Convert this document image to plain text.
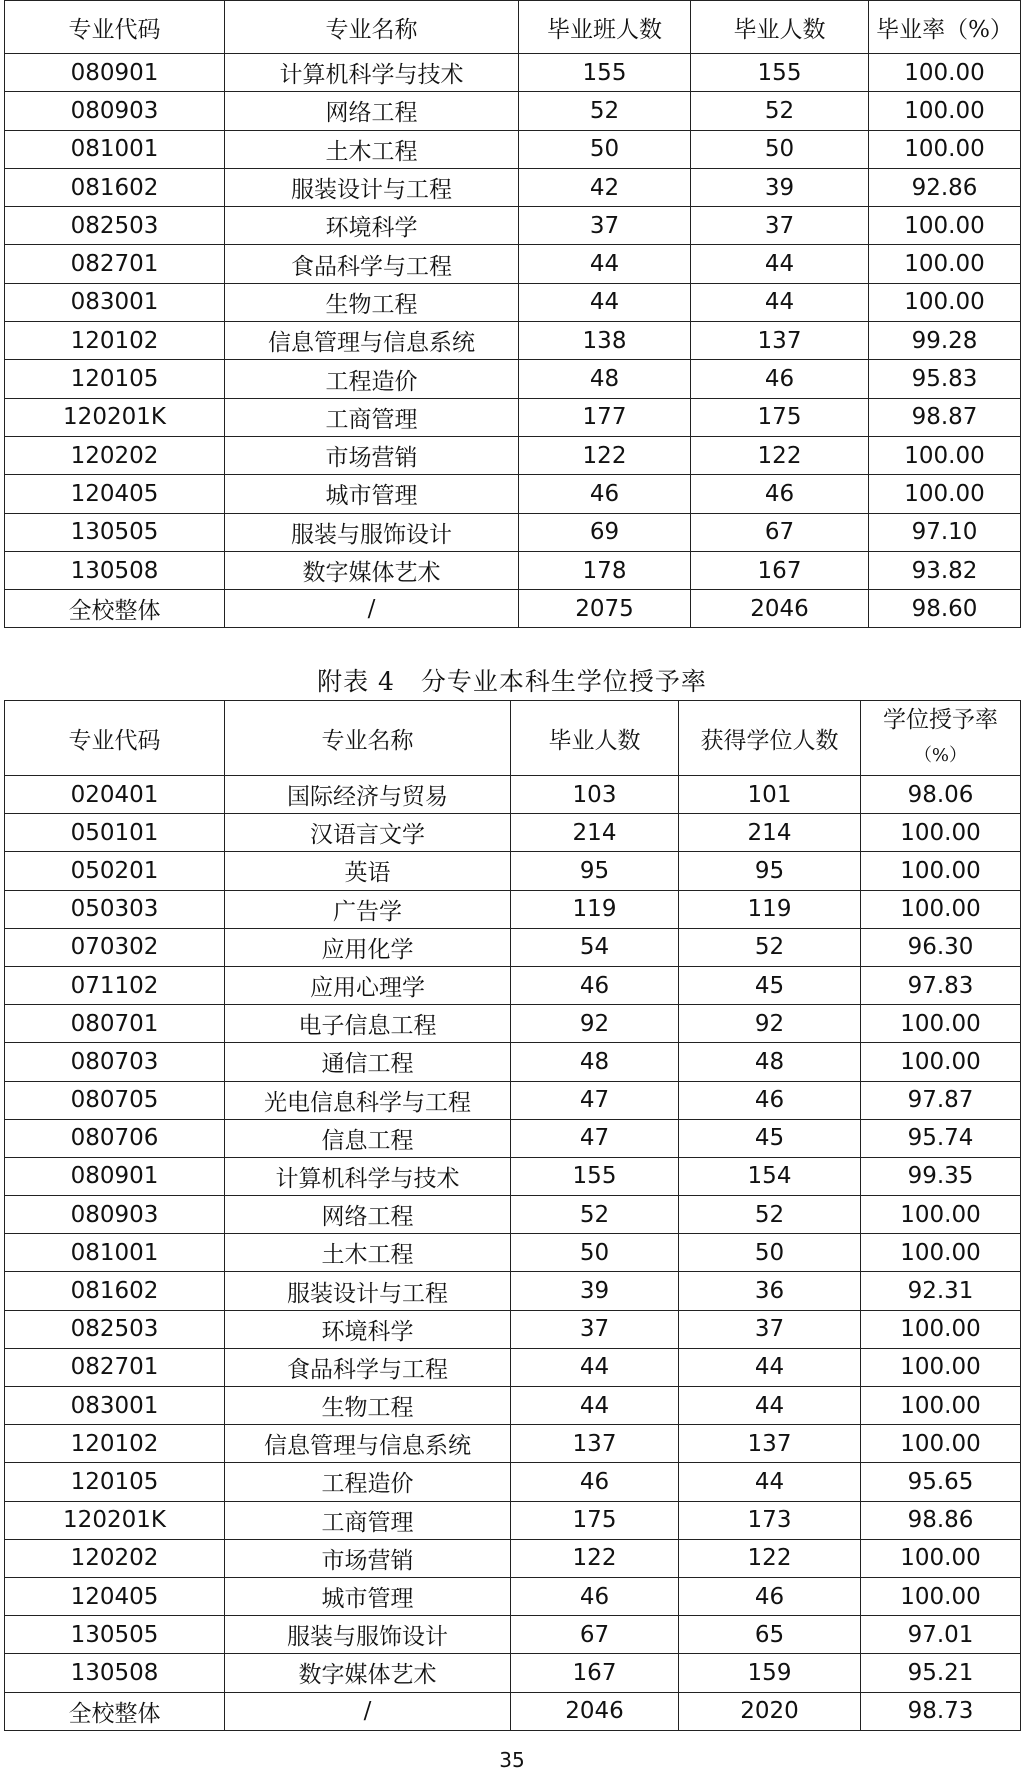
专业代码	专业名称	毕业班人数	毕业人数	毕业率（%）
080901	计算机科学与技术	155	155	100.00
080903	网络工程	52	52	100.00
081001	土木工程	50	50	100.00
081602	服装设计与工程	42	39	92.86
082503	环境科学	37	37	100.00
082701	食品科学与工程	44	44	100.00
083001	生物工程	44	44	100.00
120102	信息管理与信息系统	138	137	99.28
120105	工程造价	48	46	95.83
120201K	工商管理	177	175	98.87
120202	市场营销	122	122	100.00
120405	城市管理	46	46	100.00
130505	服装与服饰设计	69	67	97.10
130508	数字媒体艺术	178	167	93.82
全校整体	/	2075	2046	98.60
附表 4　分专业本科生学位授予率
专业代码	专业名称	毕业人数	获得学位人数	学位授予率
（%）

020401	国际经济与贸易	103	101	98.06
050101	汉语言文学	214	214	100.00
050201	英语	95	95	100.00
050303	广告学	119	119	100.00
070302	应用化学	54	52	96.30
071102	应用心理学	46	45	97.83
080701	电子信息工程	92	92	100.00
080703	通信工程	48	48	100.00
080705	光电信息科学与工程	47	46	97.87
080706	信息工程	47	45	95.74
080901	计算机科学与技术	155	154	99.35
080903	网络工程	52	52	100.00
081001	土木工程	50	50	100.00
081602	服装设计与工程	39	36	92.31
082503	环境科学	37	37	100.00
082701	食品科学与工程	44	44	100.00
083001	生物工程	44	44	100.00
120102	信息管理与信息系统	137	137	100.00
120105	工程造价	46	44	95.65
120201K	工商管理	175	173	98.86
120202	市场营销	122	122	100.00
120405	城市管理	46	46	100.00
130505	服装与服饰设计	67	65	97.01
130508	数字媒体艺术	167	159	95.21
全校整体	/	2046	2020	98.73
35
